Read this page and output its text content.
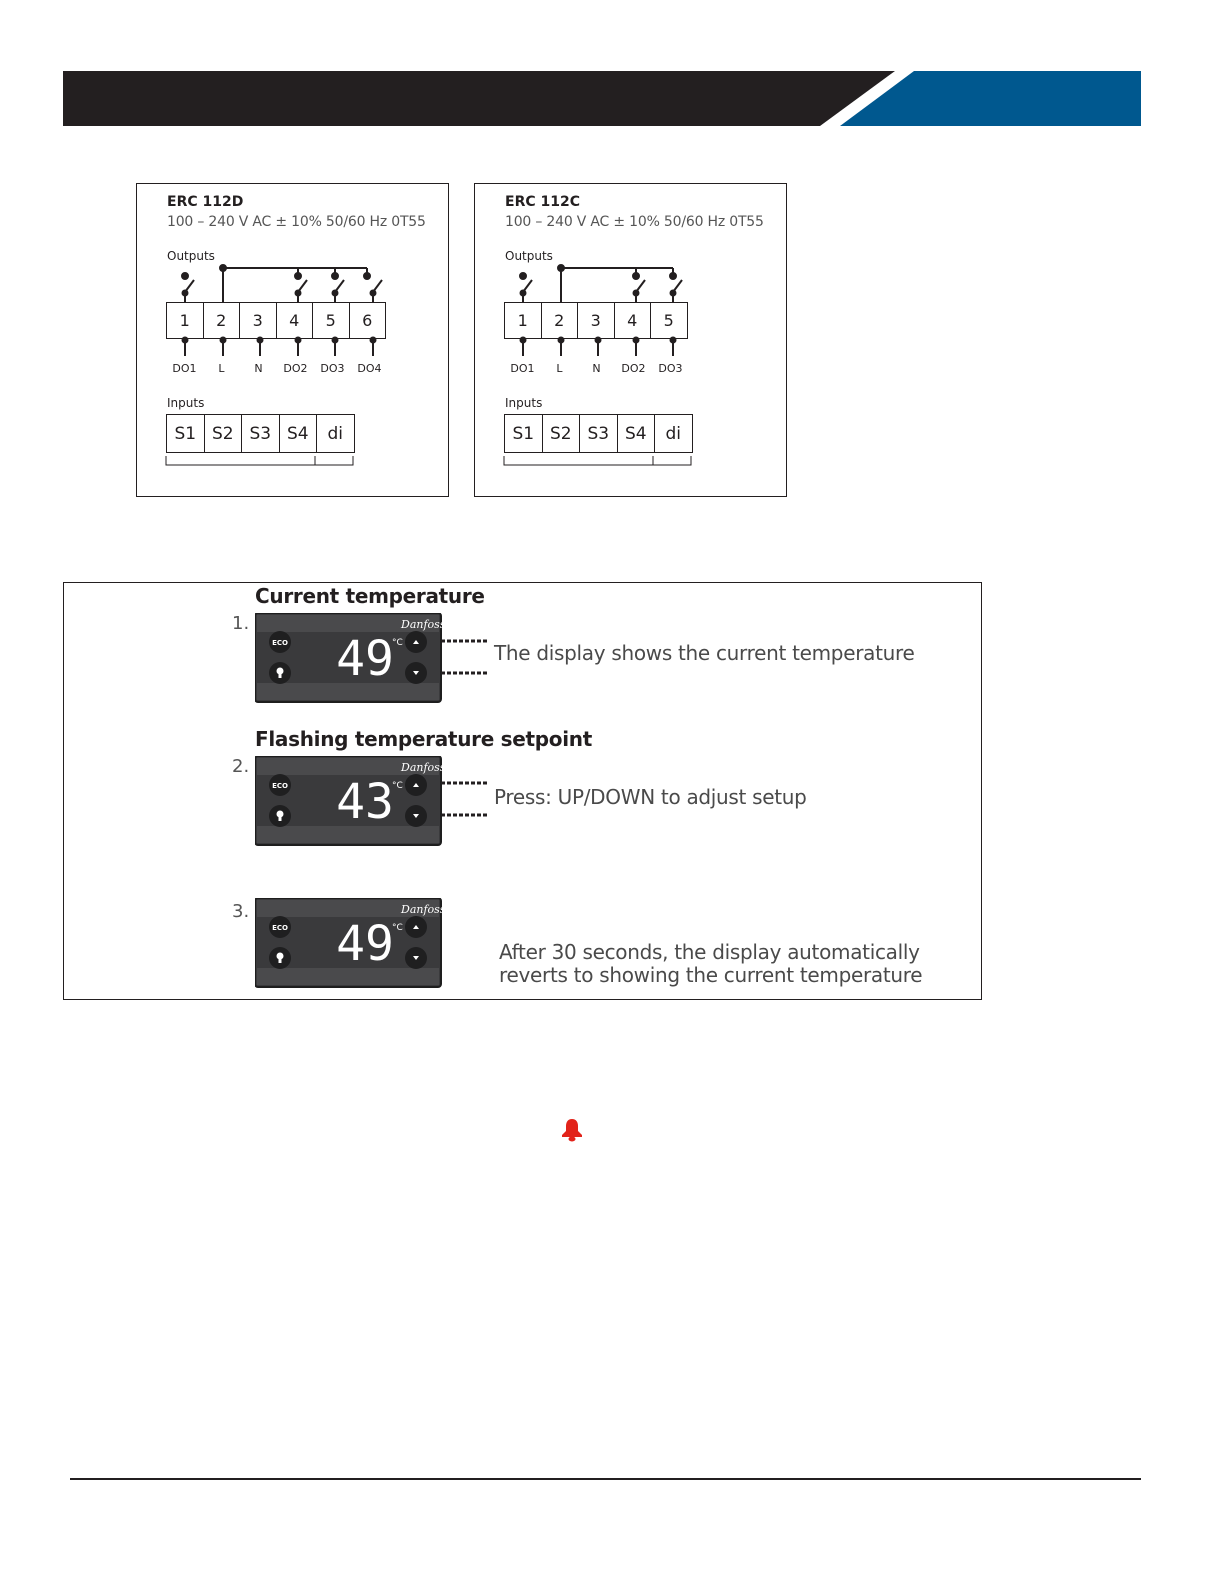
ERC 112D
100 – 240 V AC ± 10% 50/60 Hz 0T55
Outputs
1	2	3	4	5	6
DO1	L	N	DO2	DO3	DO4
Inputs
S1 S2 S3 S4	di
ERC 112C
100 – 240 V AC ± 10% 50/60 Hz 0T55
Outputs
1	2	3	4	5
DO1	L	N	DO2	DO3
Inputs
S1 S2 S3 S4	di
Current temperature
1.
The display shows the current temperature
Flashing temperature setpoint
2.
Press: UP/DOWN to adjust setup
3.
After 30 seconds, the display automatically
reverts to showing the current temperature
Danfoss
ECO 49
°C
Danfoss
ECO 43
°C
Danfoss
ECO 49
°C
